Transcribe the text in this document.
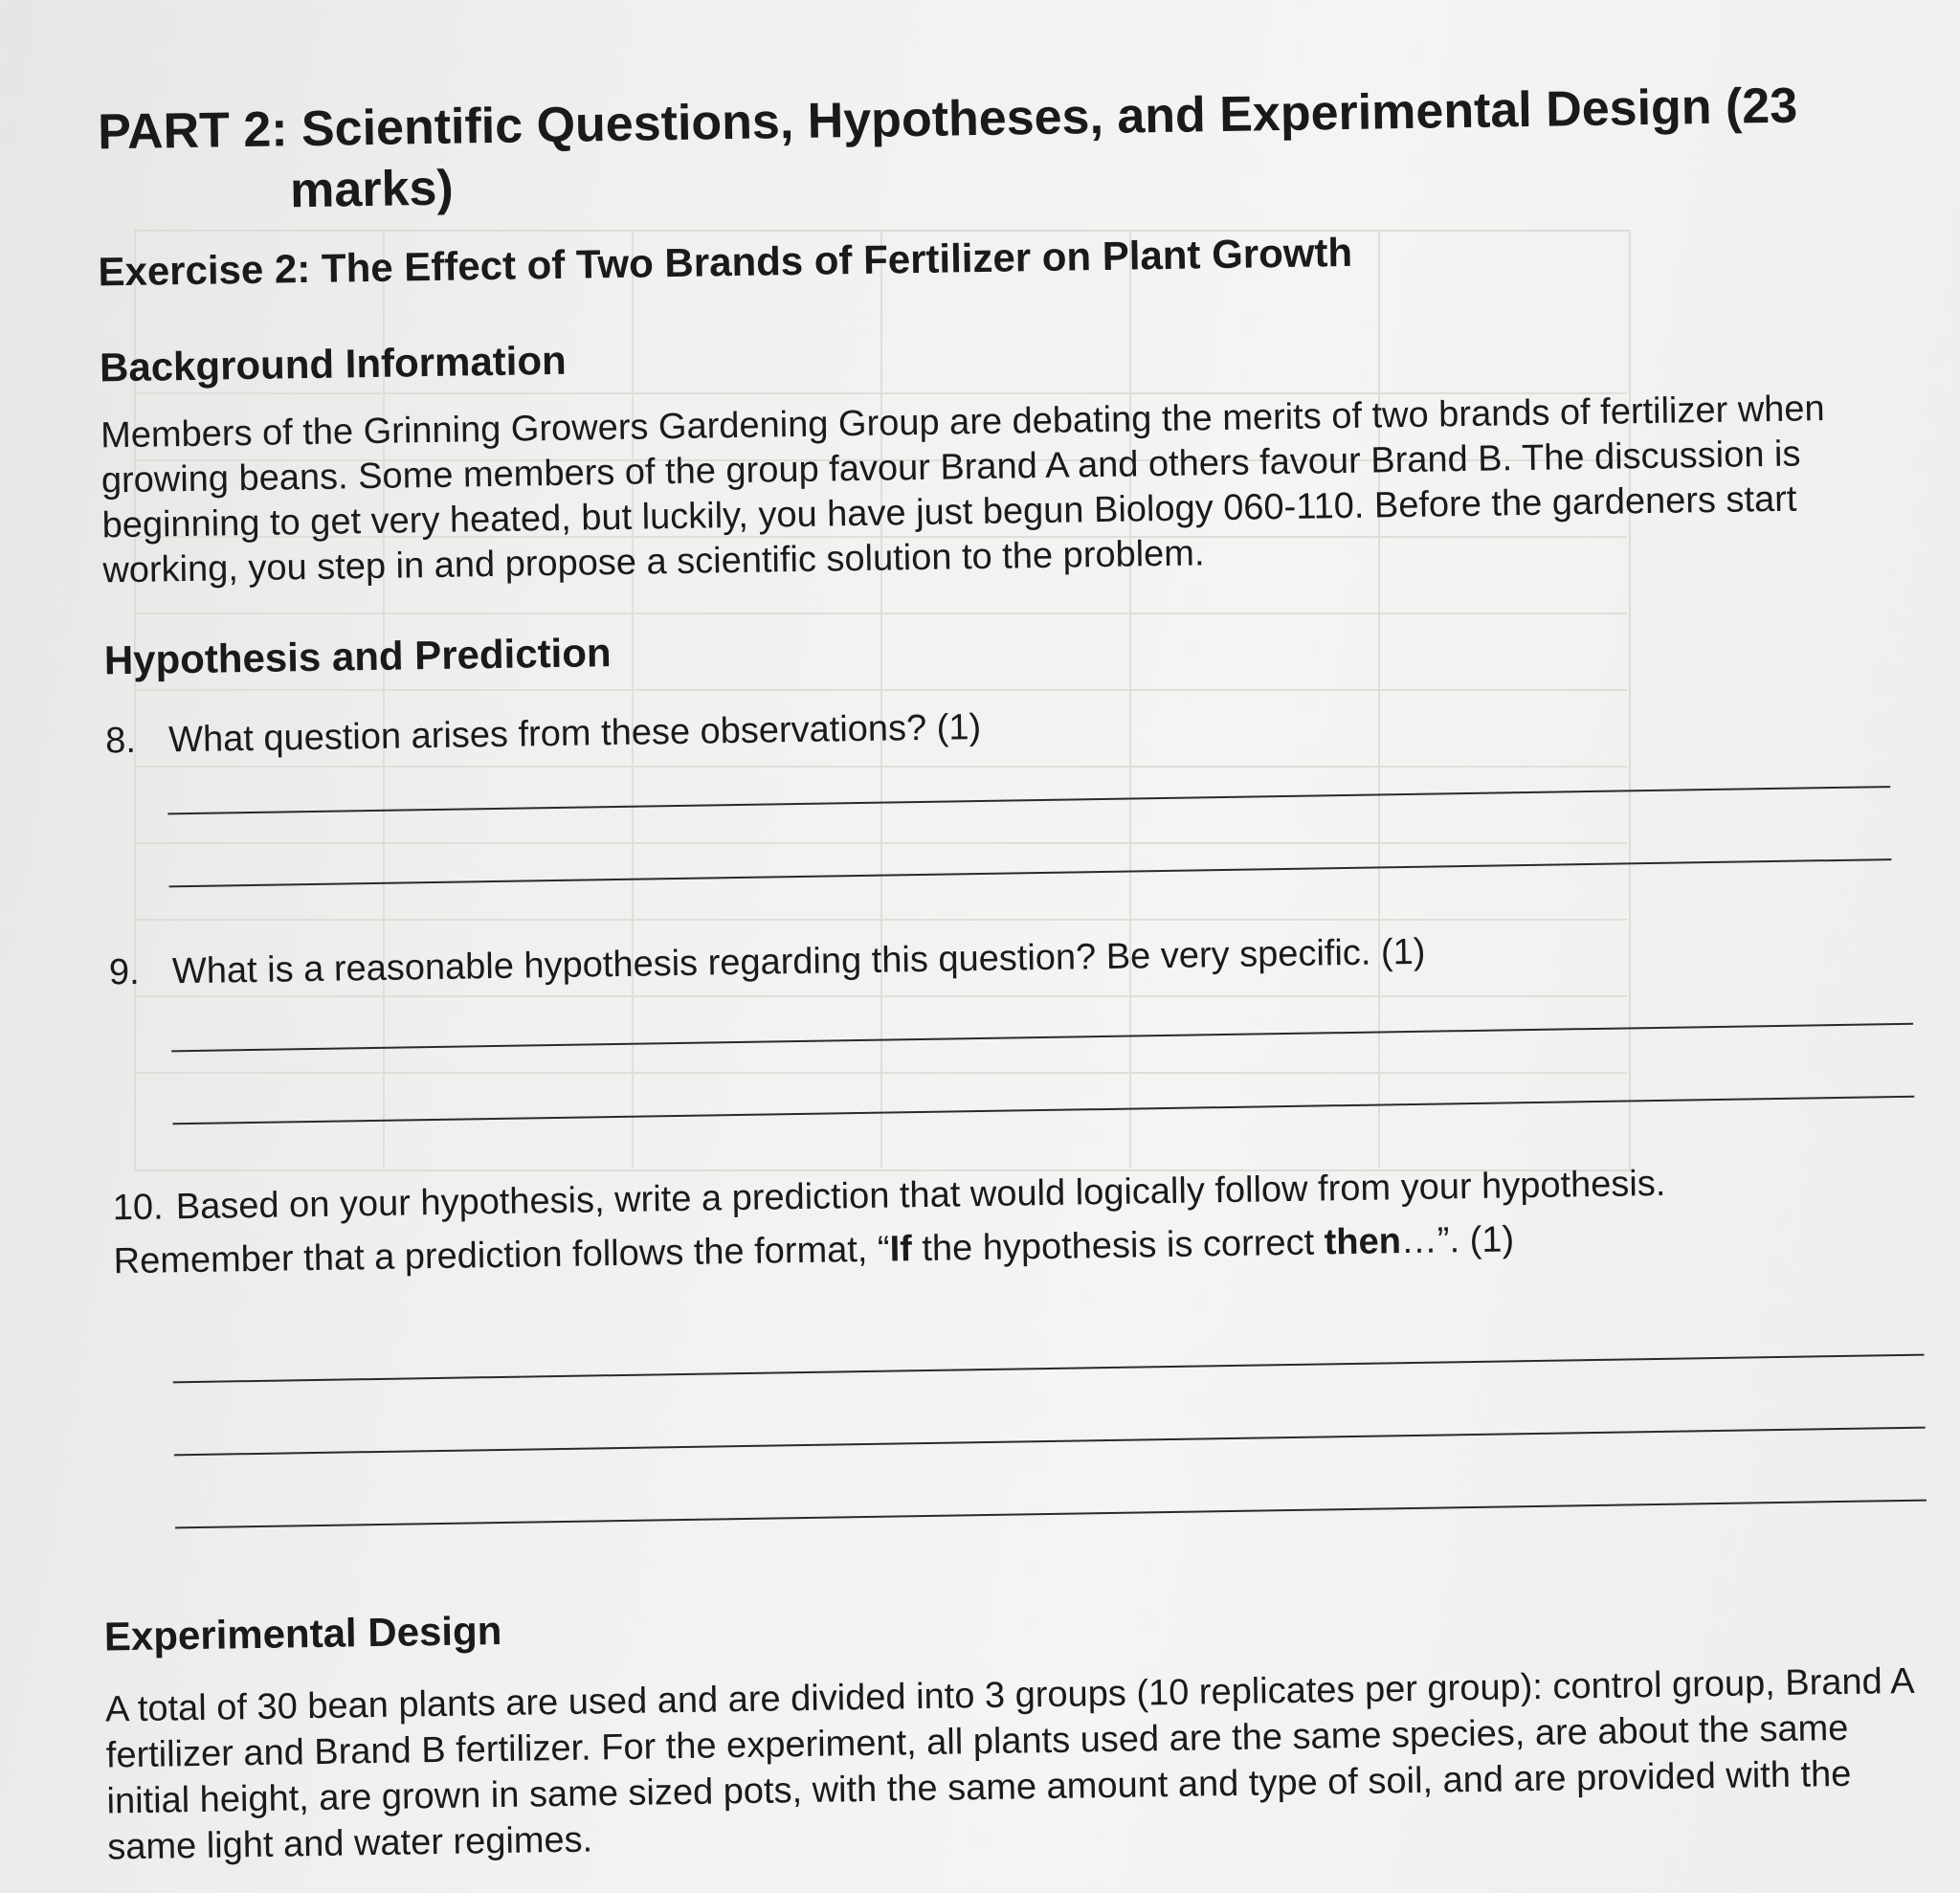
PART 2: Scientific Questions, Hypotheses, and Experimental Design (23
marks)
Exercise 2: The Effect of Two Brands of Fertilizer on Plant Growth
Background Information
Members of the Grinning Growers Gardening Group are debating the merits of two brands of fertilizer when growing beans. Some members of the group favour Brand A and others favour Brand B. The discussion is beginning to get very heated, but luckily, you have just begun Biology 060-110. Before the gardeners start working, you step in and propose a scientific solution to the problem.
Hypothesis and Prediction
8. What question arises from these observations? (1)
9. What is a reasonable hypothesis regarding this question? Be very specific. (1)
10. Based on your hypothesis, write a prediction that would logically follow from your hypothesis. Remember that a prediction follows the format, “If the hypothesis is correct then…”. (1)
Experimental Design
A total of 30 bean plants are used and are divided into 3 groups (10 replicates per group): control group, Brand A fertilizer and Brand B fertilizer. For the experiment, all plants used are the same species, are about the same initial height, are grown in same sized pots, with the same amount and type of soil, and are provided with the same light and water regimes.
